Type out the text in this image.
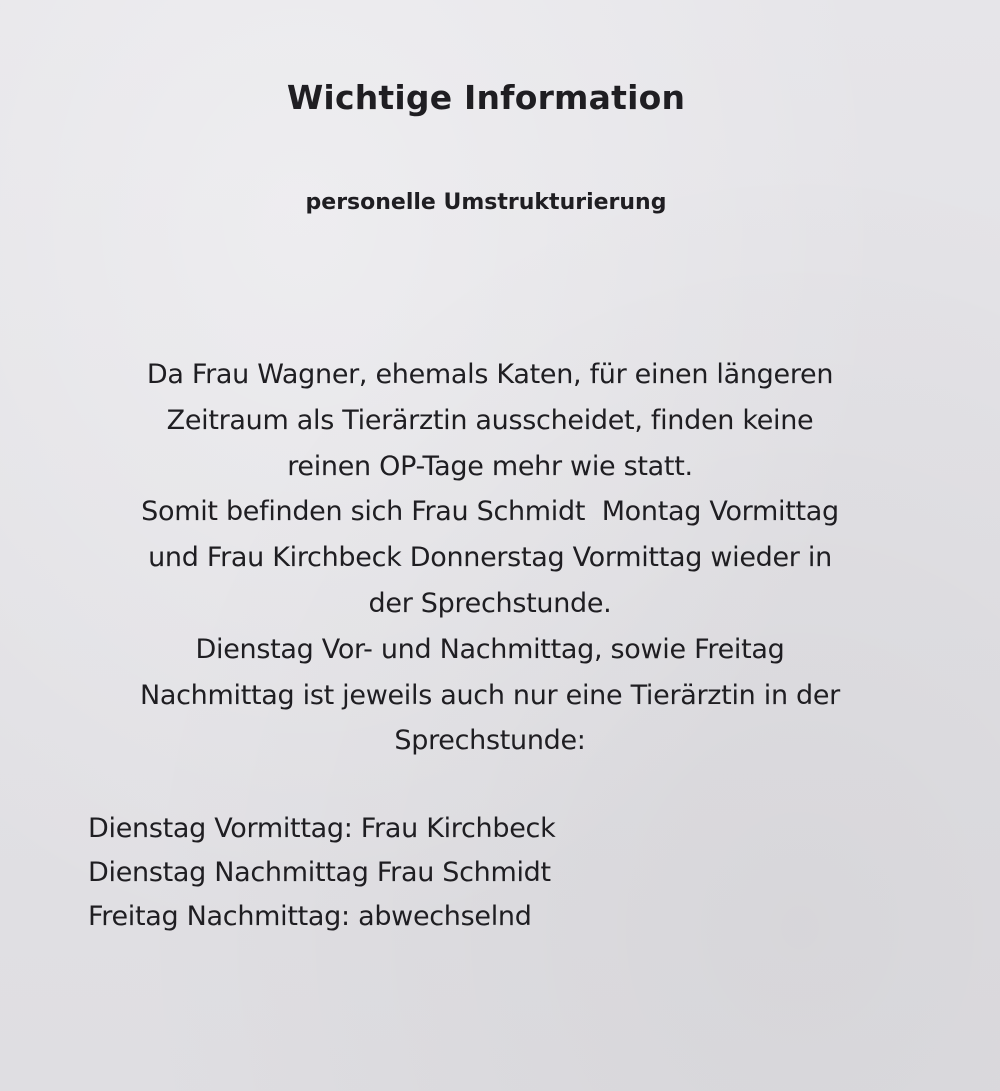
Wichtige Information
personelle Umstrukturierung
Da Frau Wagner, ehemals Katen, für einen längeren
Zeitraum als Tierärztin ausscheidet, finden keine
reinen OP-Tage mehr wie statt.
Somit befinden sich Frau Schmidt  Montag Vormittag
und Frau Kirchbeck Donnerstag Vormittag wieder in
der Sprechstunde.
Dienstag Vor- und Nachmittag, sowie Freitag
Nachmittag ist jeweils auch nur eine Tierärztin in der
Sprechstunde:
Dienstag Vormittag: Frau Kirchbeck
Dienstag Nachmittag Frau Schmidt
Freitag Nachmittag: abwechselnd
